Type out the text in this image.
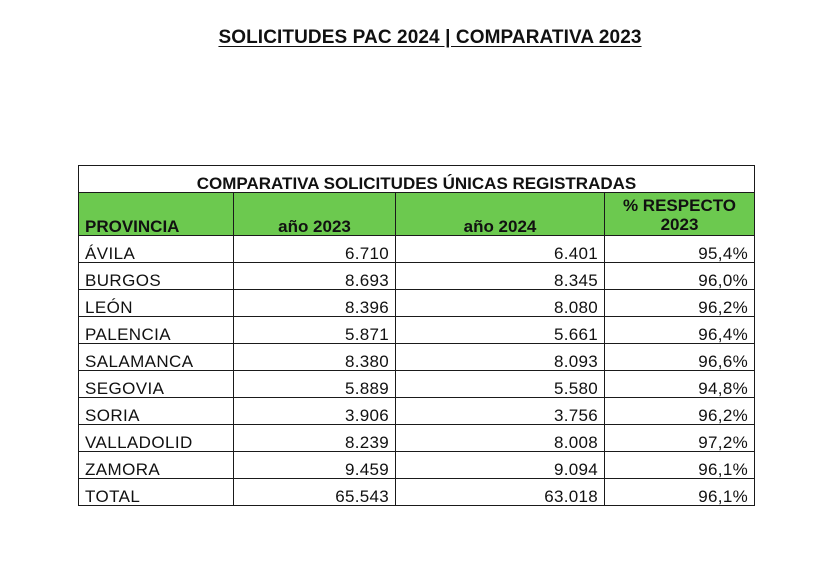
SOLICITUDES PAC 2024 | COMPARATIVA 2023
COMPARATIVA SOLICITUDES ÚNICAS REGISTRADAS			
PROVINCIA	año 2023	año 2024	% RESPECTO
2023

ÁVILA	6.710	6.401	95,4%
BURGOS	8.693	8.345	96,0%
LEÓN	8.396	8.080	96,2%
PALENCIA	5.871	5.661	96,4%
SALAMANCA	8.380	8.093	96,6%
SEGOVIA	5.889	5.580	94,8%
SORIA	3.906	3.756	96,2%
VALLADOLID	8.239	8.008	97,2%
ZAMORA	9.459	9.094	96,1%
TOTAL	65.543	63.018	96,1%
